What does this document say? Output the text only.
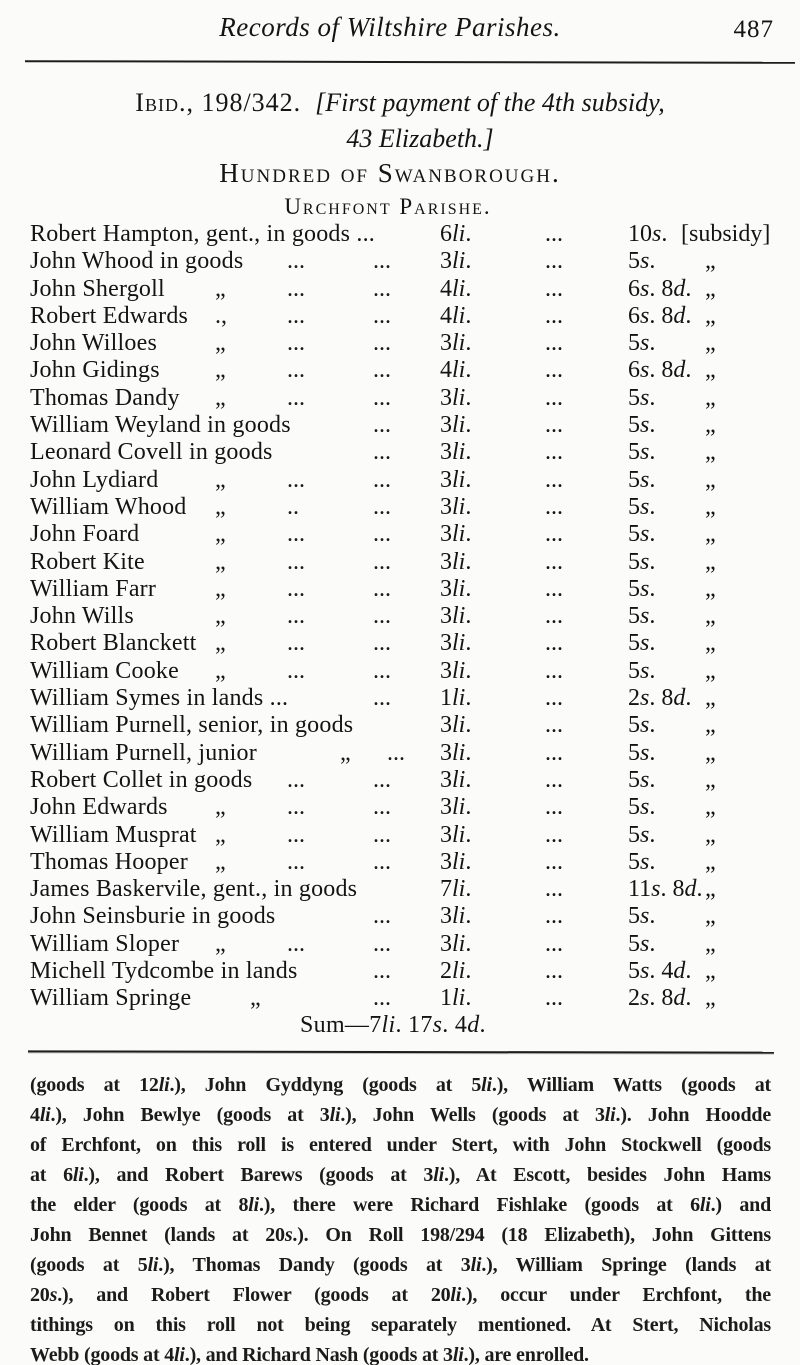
Records of Wiltshire Parishes.	487
Ibid., 198/342. [First payment of the 4th subsidy,
43 Elizabeth.]
Hundred of Swanborough.
Urchfont Parishe.
Robert Hampton, gent., in goods ...	6li.	...	10s. [subsidy]
John Whood in goods ...	... 3li.	...	5s. „
John Shergoll „	...	... 4li.	...	6s. 8d. „
Robert Edwards .,	...	... 4li.	...	6s. 8d. „
John Willoes „	...	... 3li.	...	5s. „
John Gidings „	...	... 4li.	...	6s. 8d. „
Thomas Dandy „	...	... 3li.	...	5s. „
William Weyland in goods	... 3li.	...	5s. „
Leonard Covell in goods	... 3li.	...	5s. „
John Lydiard „	...	... 3li.	...	5s. „
William Whood „	..	... 3li.	...	5s. „
John Foard	„	...	... 3li.	...	5s. „
Robert Kite	„	...	... 3li.	...	5s. „
William Farr „	...	... 3li.	...	5s. „
John Wills	„	...	... 3li.	...	5s. „
Robert Blanckett „	...	... 3li.	...	5s. „
William Cooke „	...	... 3li.	...	5s. „
William Symes in lands ...	... 1li.	...	2s. 8d. „
William Purnell, senior, in goods	3li.	...	5s. „
William Purnell, junior	„ ... 3li.	...	5s. „
Robert Collet in goods ...	... 3li.	...	5s. „
John Edwards „	...	... 3li.	...	5s. „
William Musprat „	...	... 3li.	...	5s. „
Thomas Hooper „	...	... 3li.	...	5s. „
James Baskervile, gent., in goods	7li.	...	11s. 8d. „
John Seinsburie in goods	... 3li.	...	5s. „
William Sloper „	...	... 3li.	...	5s. „
Michell Tydcombe in lands	... 2li.	...	5s. 4d. „
William Springe „	... 1li.	...	2s. 8d. „
Sum—7li. 17s. 4d.
(goods at 12li.), John Gyddyng (goods at 5li.), William Watts (goods at
4li.), John Bewlye (goods at 3li.), John Wells (goods at 3li.). John Hoodde
of Erchfont, on this roll is entered under Stert, with John Stockwell (goods
at 6li.), and Robert Barews (goods at 3li.), At Escott, besides John Hams
the elder (goods at 8li.), there were Richard Fishlake (goods at 6li.) and
John Bennet (lands at 20s.). On Roll 198/294 (18 Elizabeth), John Gittens
(goods at 5li.), Thomas Dandy (goods at 3li.), William Springe (lands at
20s.), and Robert Flower (goods at 20li.), occur under Erchfont, the
tithings on this roll not being separately mentioned. At Stert, Nicholas
Webb (goods at 4li.), and Richard Nash (goods at 3li.), are enrolled.
